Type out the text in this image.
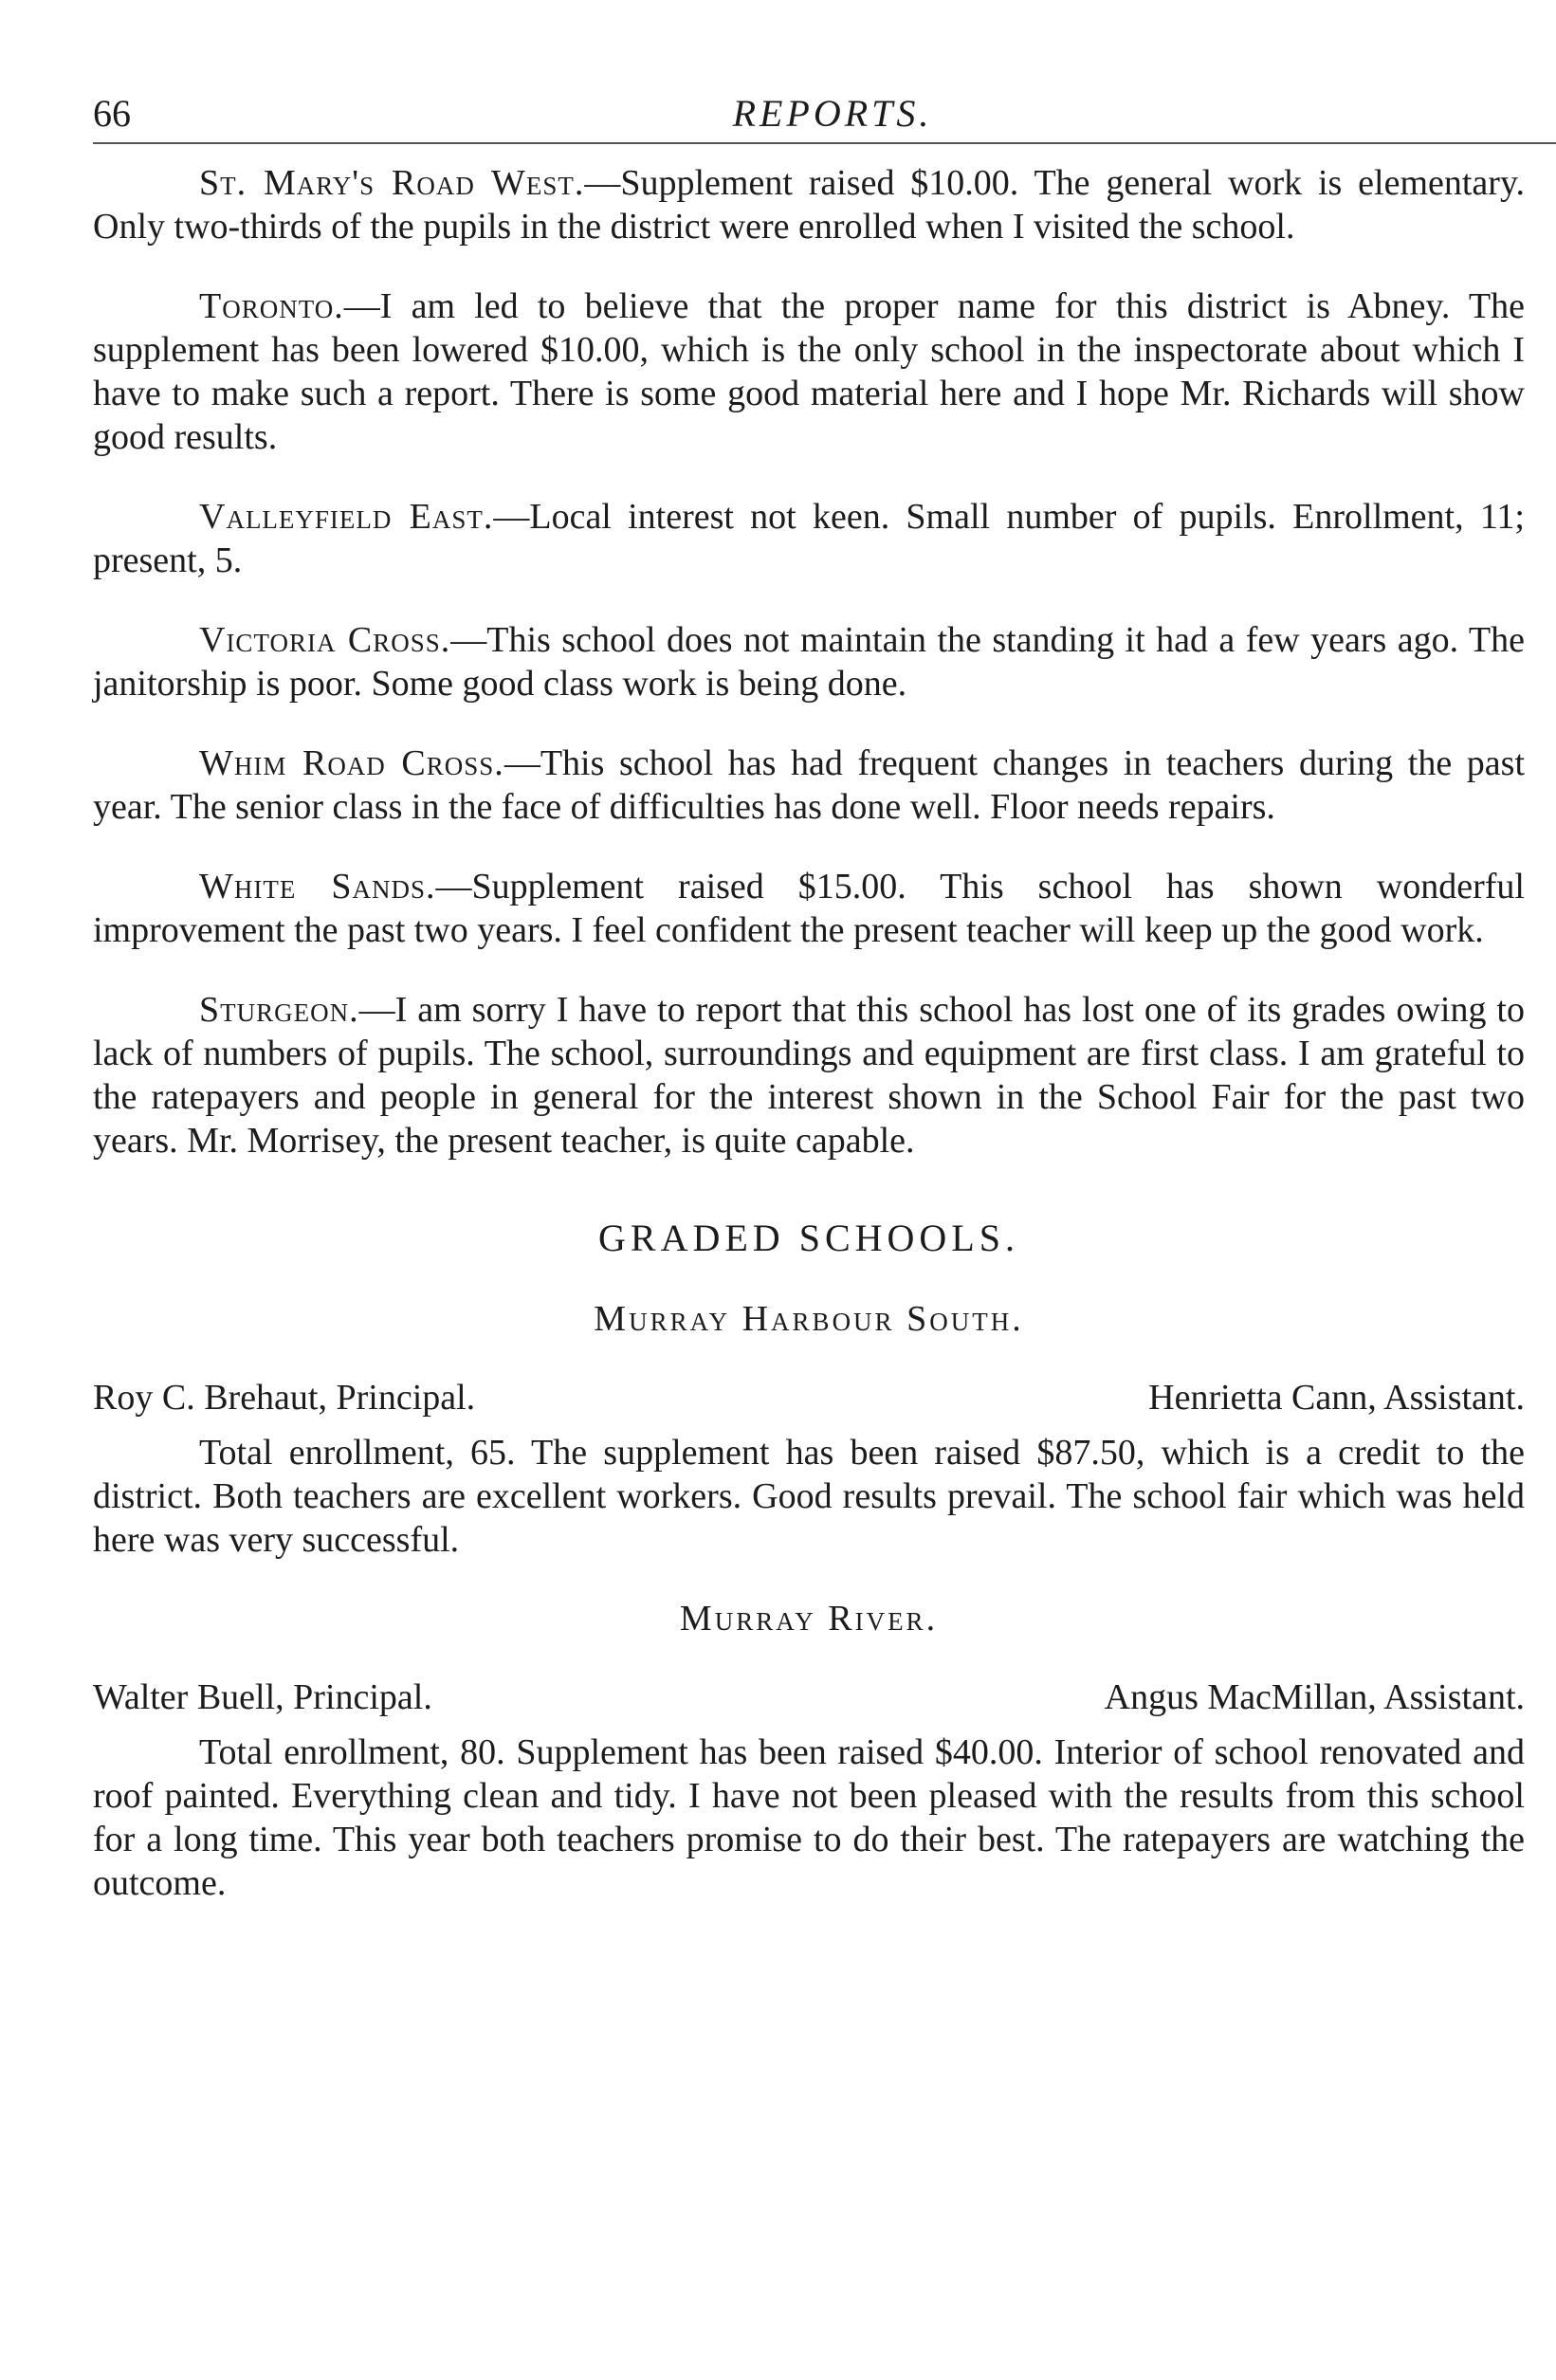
66	REPORTS.

St. Mary's Road West.—Supplement raised $10.00. The general work is elementary. Only two-thirds of the pupils in the district were enrolled when I visited the school.

Toronto.—I am led to believe that the proper name for this district is Abney. The supplement has been lowered $10.00, which is the only school in the inspectorate about which I have to make such a report. There is some good material here and I hope Mr. Richards will show good results.

Valleyfield East.—Local interest not keen. Small number of pupils. Enrollment, 11; present, 5.

Victoria Cross.—This school does not maintain the standing it had a few years ago. The janitorship is poor. Some good class work is being done.

Whim Road Cross.—This school has had frequent changes in teachers during the past year. The senior class in the face of difficulties has done well. Floor needs repairs.

White Sands.—Supplement raised $15.00. This school has shown wonderful improvement the past two years. I feel confident the present teacher will keep up the good work.

Sturgeon.—I am sorry I have to report that this school has lost one of its grades owing to lack of numbers of pupils. The school, surroundings and equipment are first class. I am grateful to the ratepayers and people in general for the interest shown in the School Fair for the past two years. Mr. Morrisey, the present teacher, is quite capable.

GRADED SCHOOLS.
Murray Harbour South.
Roy C. Brehaut, Principal.	Henrietta Cann, Assistant.

Total enrollment, 65. The supplement has been raised $87.50, which is a credit to the district. Both teachers are excellent workers. Good results prevail. The school fair which was held here was very successful.

Murray River.
Walter Buell, Principal.	Angus MacMillan, Assistant.

Total enrollment, 80. Supplement has been raised $40.00. Interior of school renovated and roof painted. Everything clean and tidy. I have not been pleased with the results from this school for a long time. This year both teachers promise to do their best. The ratepayers are watching the outcome.
